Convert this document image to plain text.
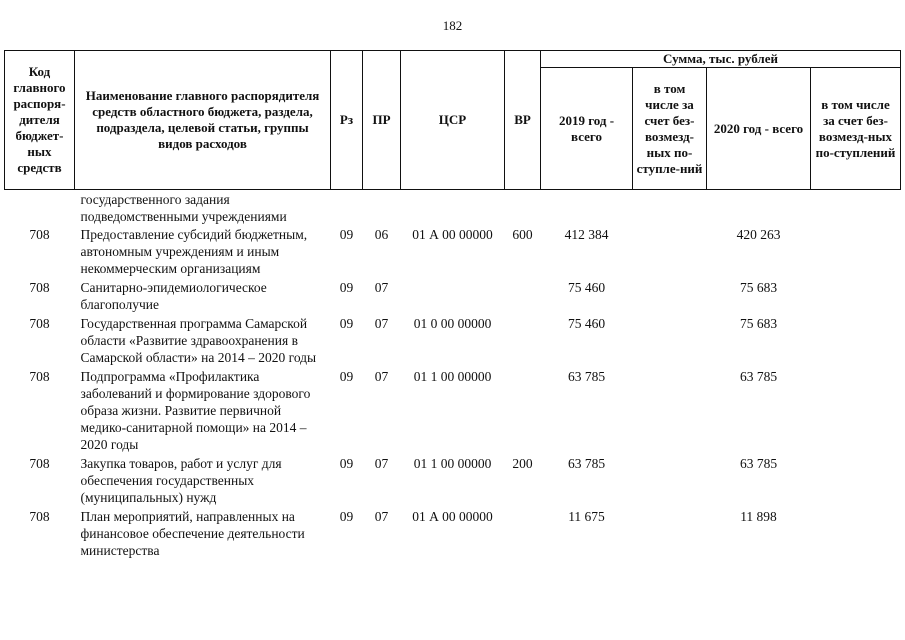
182
Код главного распоря-дителя бюджет-ных средств	Наименование главного распорядителя средств областного бюджета, раздела, подраздела, целевой статьи, группы видов расходов	Рз	ПР	ЦСР	ВР	Сумма, тыс. рублей			
						2019 год - всего	в том числе за счет без-возмезд-ных по-ступле-ний	2020 год - всего	в том числе за счет без-возмезд-ных по-ступлений
	государственного задания подведомственными учреждениями								
708	Предоставление субсидий бюджетным, автономным учреждениям и иным некоммерческим организациям	09	06	01 А 00 00000	600	412 384		420 263	
708	Санитарно-эпидемиологическое благополучие	09	07			75 460		75 683	
708	Государственная программа Самарской области «Развитие здравоохранения в Самарской области» на 2014 – 2020 годы	09	07	01 0 00 00000		75 460		75 683	
708	Подпрограмма «Профилактика заболеваний и формирование здорового образа жизни. Развитие первичной медико-санитарной помощи» на 2014 – 2020 годы	09	07	01 1 00 00000		63 785		63 785	
708	Закупка товаров, работ и услуг для обеспечения государственных (муниципальных) нужд	09	07	01 1 00 00000	200	63 785		63 785	
708	План мероприятий, направленных на финансовое обеспечение деятельности министерства	09	07	01 А 00 00000		11 675		11 898	
